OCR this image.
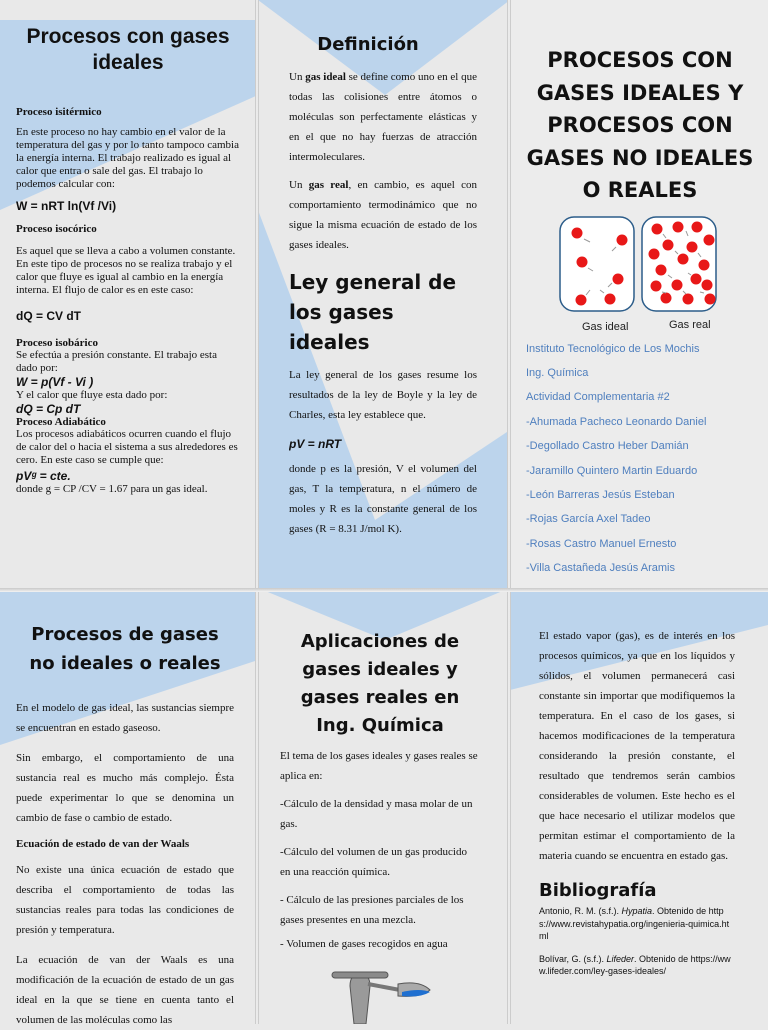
Procesos con gases ideales

Proceso isitérmico

En este proceso no hay cambio en el valor de la temperatura del gas y por lo tanto tampoco cambia la energía interna. El trabajo realizado es igual al calor que entra o sale del gas. El trabajo lo podemos calcular con:

W = nRT ln(Vf /Vi)

Proceso isocórico

Es aquel que se lleva a cabo a volumen constante. En este tipo de procesos no se realiza trabajo y el calor que fluye es igual al cambio en la energía interna. El flujo de calor es en este caso:

dQ = CV dT

Proceso isobárico

Se efectúa a presión constante. El trabajo esta dado por:

W = p(Vf - Vi )

Y el calor que fluye esta dado por:

dQ = Cp dT

Proceso Adiabático

Los procesos adiabáticos ocurren cuando el flujo de calor del o hacia el sistema a sus alrededores es cero. En este caso se cumple que:

pVᵍ = cte.

donde g = CP /CV = 1.67 para un gas ideal.

Definición

Un gas ideal se define como uno en el que todas las colisiones entre átomos o moléculas son perfectamente elásticas y en el que no hay fuerzas de atracción intermoleculares.

Un gas real, en cambio, es aquel con comportamiento termodinámico que no sigue la misma ecuación de estado de los gases ideales.

Ley general de los gases ideales

La ley general de los gases resume los resultados de la ley de Boyle y la ley de Charles, esta ley establece que.

pV = nRT

donde p es la presión, V el volumen del gas, T la temperatura, n el número de moles y R es la constante general de los gases (R = 8.31 J/mol K).

PROCESOS CON GASES IDEALES Y PROCESOS CON GASES NO IDEALES O REALES
Gas ideal	Gas real
Instituto Tecnológico de Los Mochis
Ing. Química
Actividad Complementaria #2
-Ahumada Pacheco Leonardo Daniel
-Degollado Castro Heber Damián
-Jaramillo Quintero Martin Eduardo
-León Barreras Jesús Esteban
-Rojas García Axel Tadeo
-Rosas Castro Manuel Ernesto
-Villa Castañeda Jesús Aramis
Procesos de gases no ideales o reales

En el modelo de gas ideal, las sustancias siempre se encuentran en estado gaseoso.

Sin embargo, el comportamiento de una sustancia real es mucho más complejo. Ésta puede experimentar lo que se denomina un cambio de fase o cambio de estado.

Ecuación de estado de van der Waals

No existe una única ecuación de estado que describa el comportamiento de todas las sustancias reales para todas las condiciones de presión y temperatura.

La ecuación de van der Waals es una modificación de la ecuación de estado de un gas ideal en la que se tiene en cuenta tanto el volumen de las moléculas como las

Aplicaciones de gases ideales y gases reales en Ing. Química

El tema de los gases ideales y gases reales se aplica en:

-Cálculo de la densidad y masa molar de un gas.

-Cálculo del volumen de un gas producido en una reacción química.

- Cálculo de las presiones parciales de los gases presentes en una mezcla.

- Volumen de gases recogidos en agua

El estado vapor (gas), es de interés en los procesos químicos, ya que en los líquidos y sólidos, el volumen permanecerá casi constante sin importar que modifiquemos la temperatura. En el caso de los gases, si hacemos modificaciones de la temperatura considerando la presión constante, el resultado que tendremos serán cambios considerables de volumen. Este hecho es el que hace necesario el utilizar modelos que permitan estimar el comportamiento de la materia cuando se encuentra en estado gas.

Bibliografía

Antonio, R. M. (s.f.). Hypatia. Obtenido de https://www.revistahypatia.org/ingenieria-quimica.html

Bolívar, G. (s.f.). Lifeder. Obtenido de https://www.lifeder.com/ley-gases-ideales/
